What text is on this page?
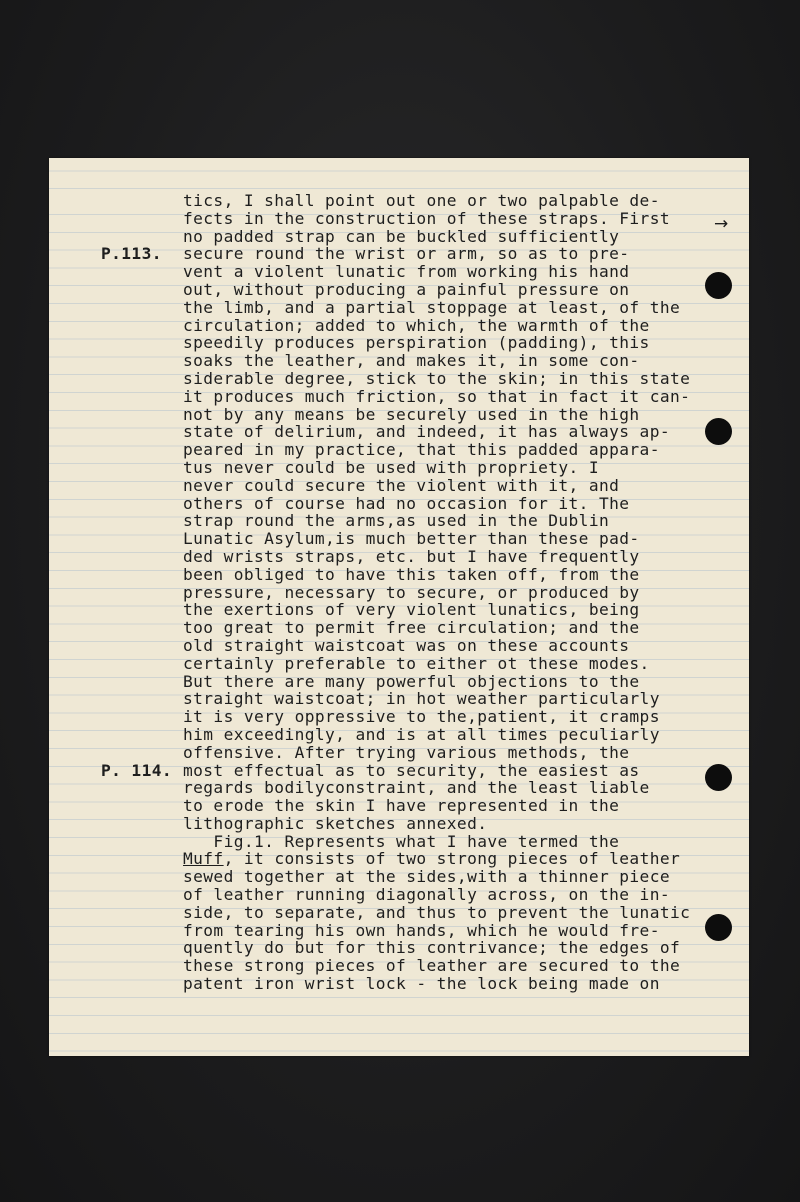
tics, I shall point out one or two palpable de-
fects in the construction of these straps. First
no padded strap can be buckled sufficiently
secure round the wrist or arm, so as to pre-
vent a violent lunatic from working his hand
out, without producing a painful pressure on
the limb, and a partial stoppage at least, of the
circulation; added to which, the warmth of the
speedily produces perspiration (padding), this
soaks the leather, and makes it, in some con-
siderable degree, stick to the skin; in this state
it produces much friction, so that in fact it can-
not by any means be securely used in the high
state of delirium, and indeed, it has always ap-
peared in my practice, that this padded appara-
tus never could be used with propriety. I
never could secure the violent with it, and
others of course had no occasion for it. The
strap round the arms,as used in the Dublin
Lunatic Asylum,is much better than these pad-
ded wrists straps, etc. but I have frequently
been obliged to have this taken off, from the
pressure, necessary to secure, or produced by
the exertions of very violent lunatics, being
too great to permit free circulation; and the
old straight waistcoat was on these accounts
certainly preferable to either ot these modes.
But there are many powerful objections to the
straight waistcoat; in hot weather particularly
it is very oppressive to the,patient, it cramps
him exceedingly, and is at all times peculiarly
offensive. After trying various methods, the
most effectual as to security, the easiest as
regards bodilyconstraint, and the least liable
to erode the skin I have represented in the
lithographic sketches annexed.
Fig.1. Represents what I have termed the
Muff, it consists of two strong pieces of leather
sewed together at the sides,with a thinner piece
of leather running diagonally across, on the in-
side, to separate, and thus to prevent the lunatic
from tearing his own hands, which he would fre-
quently do but for this contrivance; the edges of
these strong pieces of leather are secured to the
patent iron wrist lock - the lock being made on
P.113.
P. 114.
→
